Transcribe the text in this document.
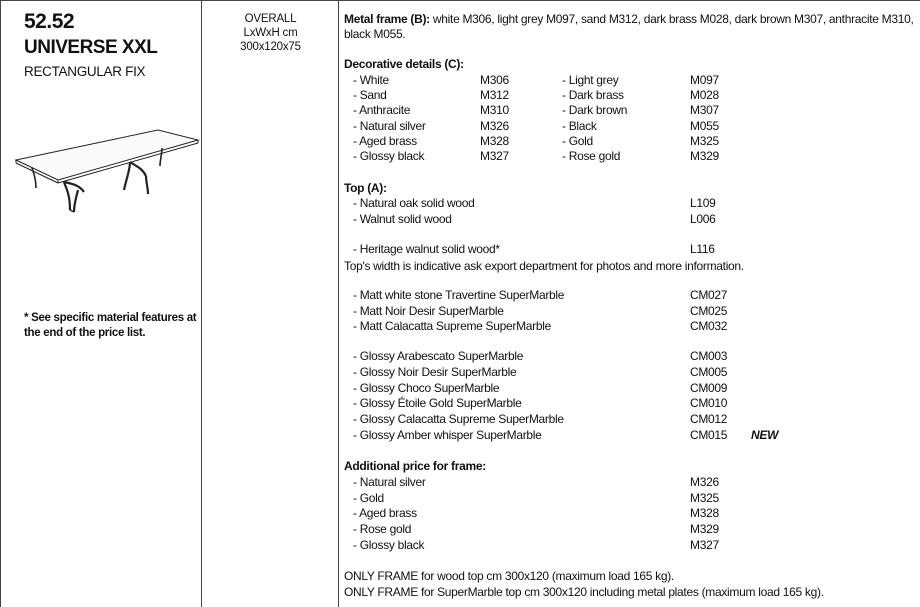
52.52
UNIVERSE XXL
RECTANGULAR FIX
* See specific material features at the end of the price list.
OVERALL
LxWxH cm
300x120x75
Metal frame (B): white M306, light grey M097, sand M312, dark brass M028, dark brown M307, anthracite M310,
black M055.
Decorative details (C):
- White	M306	- Light grey	M097
- Sand	M312	- Dark brass	M028
- Anthracite	M310	- Dark brown	M307
- Natural silver	M326	- Black	M055
- Aged brass	M328	- Gold	M325
- Glossy black	M327	- Rose gold	M329
Top (A):
- Natural oak solid wood	L109
- Walnut solid wood	L006
- Heritage walnut solid wood*	L116
Top's width is indicative ask export department for photos and more information.
- Matt white stone Travertine SuperMarble	CM027
- Matt Noir Desir SuperMarble	CM025
- Matt Calacatta Supreme SuperMarble	CM032
- Glossy Arabescato SuperMarble	CM003
- Glossy Noir Desir SuperMarble	CM005
- Glossy Choco SuperMarble	CM009
- Glossy Étoile Gold SuperMarble	CM010
- Glossy Calacatta Supreme SuperMarble	CM012
- Glossy Amber whisper SuperMarble	CM015 NEW
Additional price for frame:
- Natural silver	M326
- Gold	M325
- Aged brass	M328
- Rose gold	M329
- Glossy black	M327
ONLY FRAME for wood top cm 300x120 (maximum load 165 kg).
ONLY FRAME for SuperMarble top cm 300x120 including metal plates (maximum load 165 kg).
